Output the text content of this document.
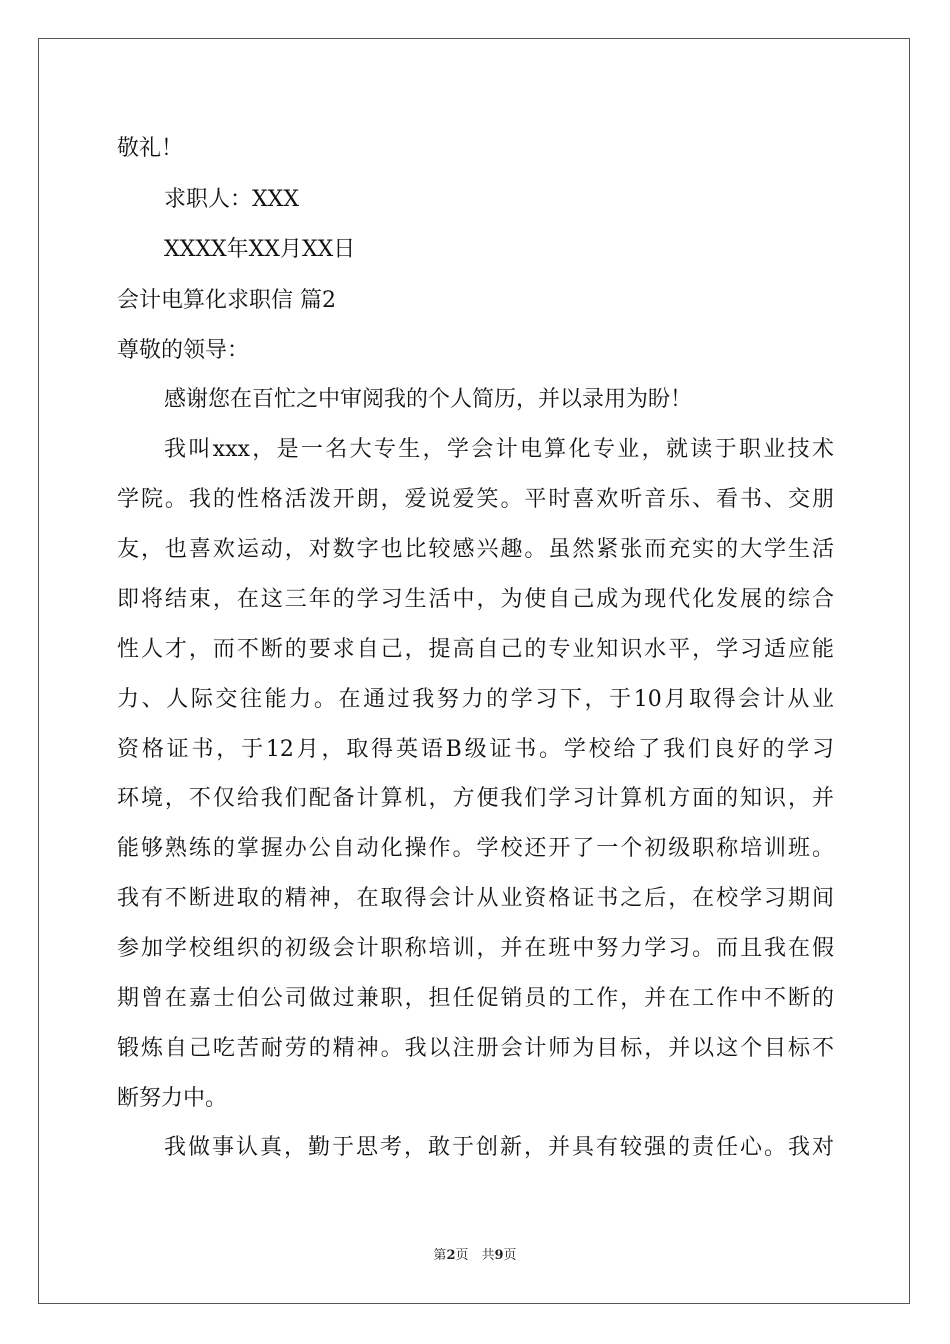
敬礼！
求职人：XXX
XXXX年XX月XX日
会计电算化求职信 篇2
尊敬的领导：
感谢您在百忙之中审阅我的个人简历，并以录用为盼！
我叫xxx，是一名大专生，学会计电算化专业，就读于职业技术
学院。我的性格活泼开朗，爱说爱笑。平时喜欢听音乐、看书、交朋
友，也喜欢运动，对数字也比较感兴趣。虽然紧张而充实的大学生活
即将结束，在这三年的学习生活中，为使自己成为现代化发展的综合
性人才，而不断的要求自己，提高自己的专业知识水平，学习适应能
力、人际交往能力。在通过我努力的学习下，于10月取得会计从业
资格证书，于12月，取得英语B级证书。学校给了我们良好的学习
环境，不仅给我们配备计算机，方便我们学习计算机方面的知识，并
能够熟练的掌握办公自动化操作。学校还开了一个初级职称培训班。
我有不断进取的精神，在取得会计从业资格证书之后，在校学习期间
参加学校组织的初级会计职称培训，并在班中努力学习。而且我在假
期曾在嘉士伯公司做过兼职，担任促销员的工作，并在工作中不断的
锻炼自己吃苦耐劳的精神。我以注册会计师为目标，并以这个目标不
断努力中。
我做事认真，勤于思考，敢于创新，并具有较强的责任心。我对
第2页　共9页
